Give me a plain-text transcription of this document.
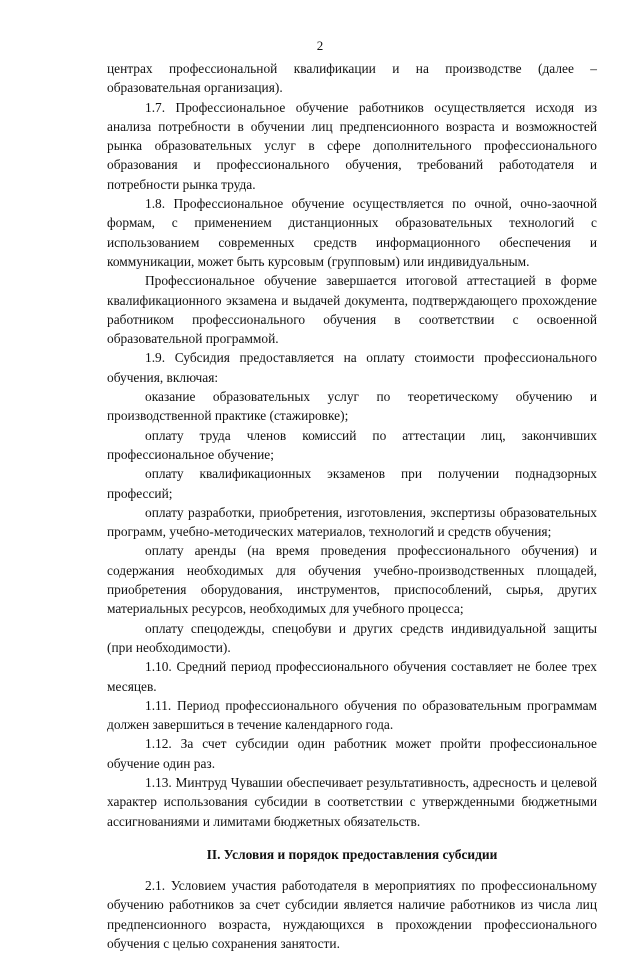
2

центрах профессиональной квалификации и на производстве (далее – образовательная организация).

1.7. Профессиональное обучение работников осуществляется исходя из анализа потребности в обучении лиц предпенсионного возраста и возможностей рынка образовательных услуг в сфере дополнительного профессионального образования и профессионального обучения, требований работодателя и потребности рынка труда.

1.8. Профессиональное обучение осуществляется по очной, очно-заочной формам, с применением дистанционных образовательных технологий с использованием современных средств информационного обеспечения и коммуникации, может быть курсовым (групповым) или индивидуальным.

Профессиональное обучение завершается итоговой аттестацией в форме квалификационного экзамена и выдачей документа, подтверждающего прохождение работником профессионального обучения в соответствии с освоенной образовательной программой.

1.9. Субсидия предоставляется на оплату стоимости профессионального обучения, включая:

оказание образовательных услуг по теоретическому обучению и производственной практике (стажировке);

оплату труда членов комиссий по аттестации лиц, закончивших профессиональное обучение;

оплату квалификационных экзаменов при получении поднадзорных профессий;

оплату разработки, приобретения, изготовления, экспертизы образовательных программ, учебно-методических материалов, технологий и средств обучения;

оплату аренды (на время проведения профессионального обучения) и содержания необходимых для обучения учебно-производственных площадей, приобретения оборудования, инструментов, приспособлений, сырья, других материальных ресурсов, необходимых для учебного процесса;

оплату спецодежды, спецобуви и других средств индивидуальной защиты (при необходимости).

1.10. Средний период профессионального обучения составляет не более трех месяцев.

1.11. Период профессионального обучения по образовательным программам должен завершиться в течение календарного года.

1.12. За счет субсидии один работник может пройти профессиональное обучение один раз.

1.13. Минтруд Чувашии обеспечивает результативность, адресность и целевой характер использования субсидии в соответствии с утвержденными бюджетными ассигнованиями и лимитами бюджетных обязательств.

II. Условия и порядок предоставления субсидии

2.1. Условием участия работодателя в мероприятиях по профессиональному обучению работников за счет субсидии является наличие работников из числа лиц предпенсионного возраста, нуждающихся в прохождении профессионального обучения с целью сохранения занятости.
